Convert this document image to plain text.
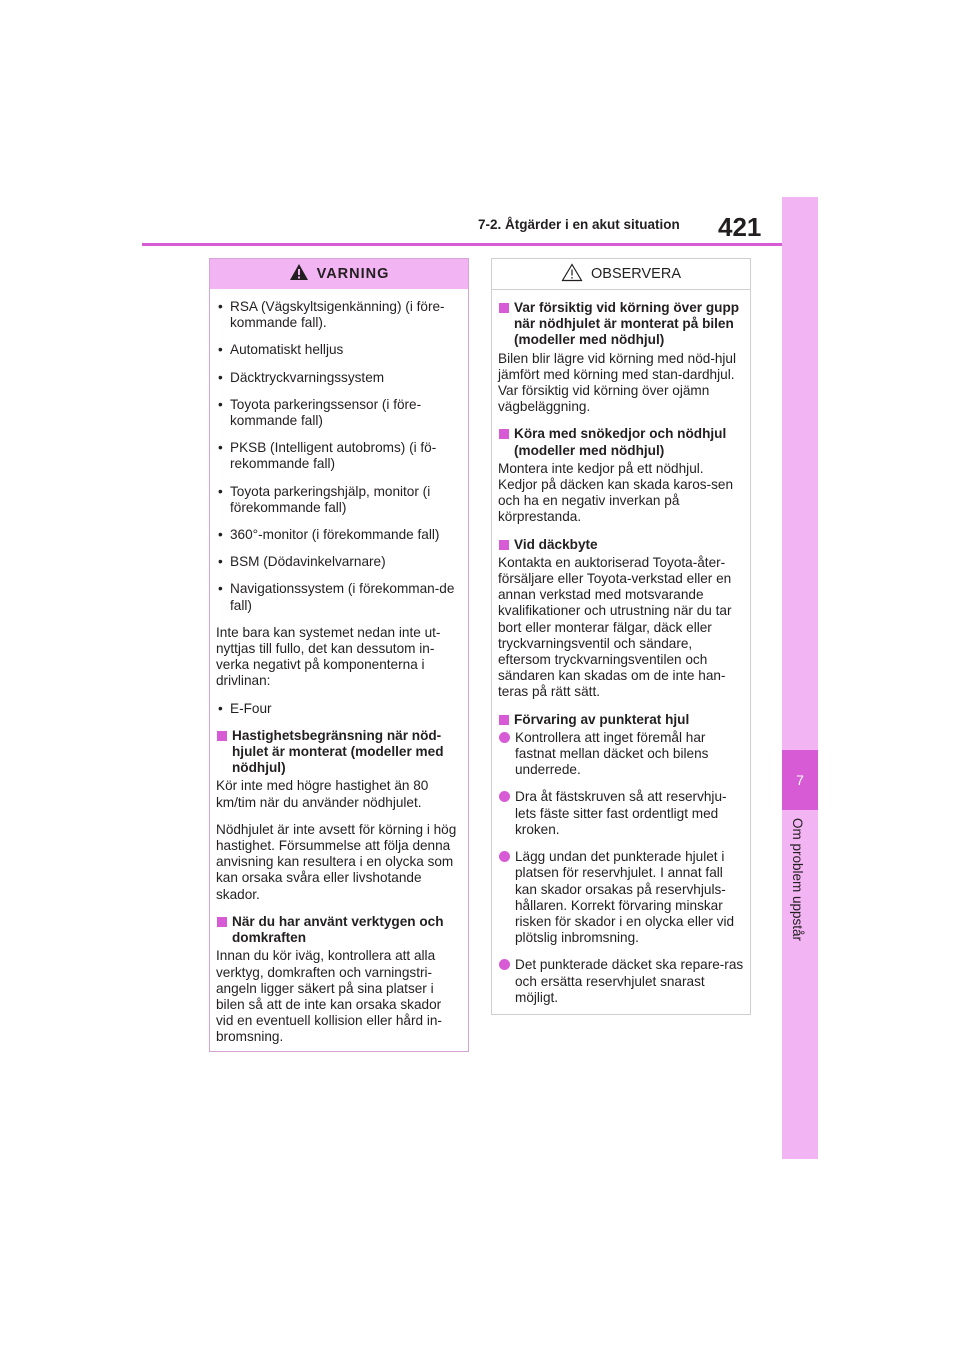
7-2. Åtgärder i en akut situation 421
7
Om problem uppstår
VARNING
• RSA (Vägskyltsigenkänning) (i före-kommande fall).
• Automatiskt helljus
• Däcktryckvarningssystem
• Toyota parkeringssensor (i före-kommande fall)
• PKSB (Intelligent autobroms) (i fö-rekommande fall)
• Toyota parkeringshjälp, monitor (i förekommande fall)
• 360°-monitor (i förekommande fall)
• BSM (Dödavinkelvarnare)
• Navigationssystem (i förekomman-de fall)
Inte bara kan systemet nedan inte ut-nyttjas till fullo, det kan dessutom in-verka negativt på komponenterna i drivlinan:
• E-Four
Hastighetsbegränsning när nöd-hjulet är monterat (modeller med nödhjul)
Kör inte med högre hastighet än 80 km/tim när du använder nödhjulet.
Nödhjulet är inte avsett för körning i hög hastighet. Försummelse att följa denna anvisning kan resultera i en olycka som kan orsaka svåra eller livshotande skador.
När du har använt verktygen och domkraften
Innan du kör iväg, kontrollera att alla verktyg, domkraften och varningstri-angeln ligger säkert på sina platser i bilen så att de inte kan orsaka skador vid en eventuell kollision eller hård in-bromsning.
OBSERVERA
Var försiktig vid körning över gupp när nödhjulet är monterat på bilen (modeller med nödhjul)
Bilen blir lägre vid körning med nöd-hjul jämfört med körning med stan-dardhjul. Var försiktig vid körning över ojämn vägbeläggning.
Köra med snökedjor och nödhjul (modeller med nödhjul)
Montera inte kedjor på ett nödhjul. Kedjor på däcken kan skada karos-sen och ha en negativ inverkan på körprestanda.
Vid däckbyte
Kontakta en auktoriserad Toyota-åter-försäljare eller Toyota-verkstad eller en annan verkstad med motsvarande kvalifikationer och utrustning när du tar bort eller monterar fälgar, däck eller tryckvarningsventil och sändare, eftersom tryckvarningsventilen och sändaren kan skadas om de inte han-teras på rätt sätt.
Förvaring av punkterat hjul
Kontrollera att inget föremål har fastnat mellan däcket och bilens underrede.
Dra åt fästskruven så att reservhju-lets fäste sitter fast ordentligt med kroken.
Lägg undan det punkterade hjulet i platsen för reservhjulet. I annat fall kan skador orsakas på reservhjuls-hållaren. Korrekt förvaring minskar risken för skador i en olycka eller vid plötslig inbromsning.
Det punkterade däcket ska repare-ras och ersätta reservhjulet snarast möjligt.
